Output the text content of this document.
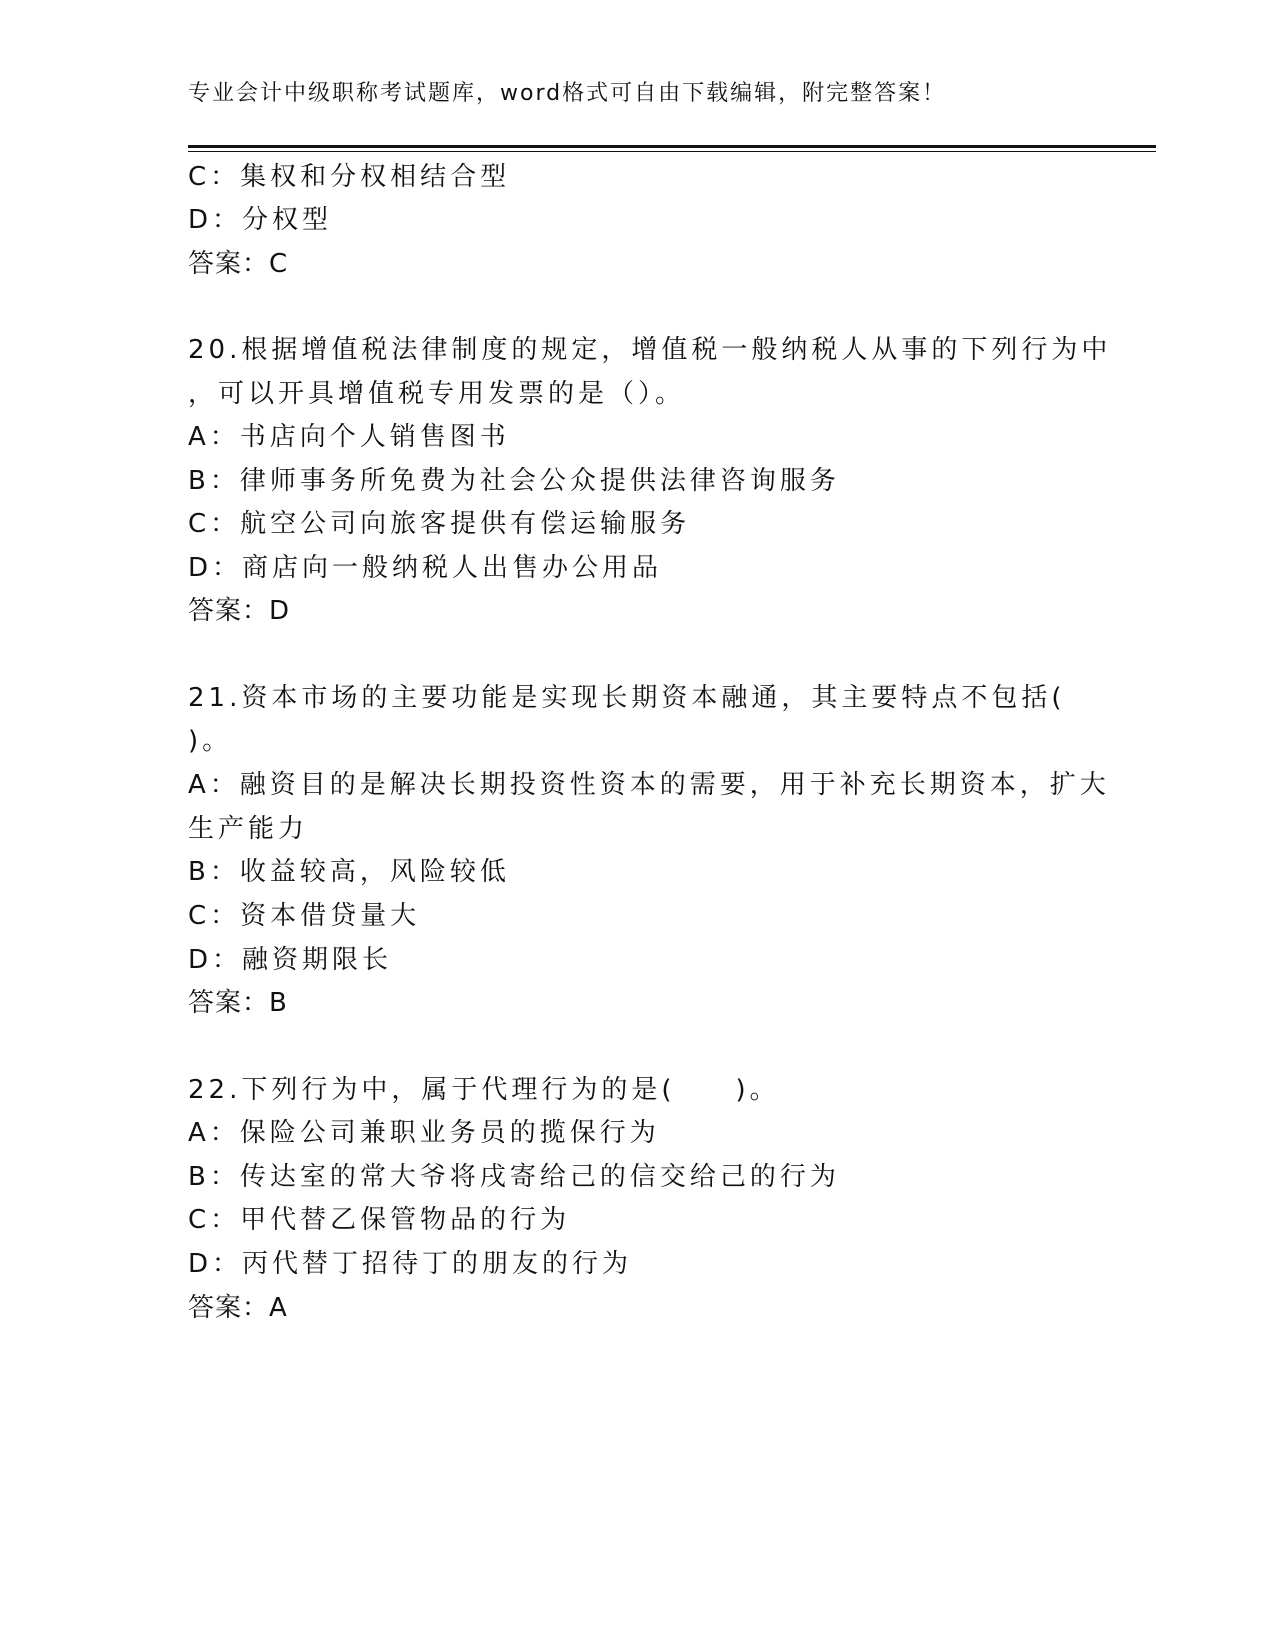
专业会计中级职称考试题库，word格式可自由下载编辑，附完整答案！
C：集权和分权相结合型
D：分权型
答案：C
20.根据增值税法律制度的规定，增值税一般纳税人从事的下列行为中
，可以开具增值税专用发票的是（）。
A：书店向个人销售图书
B：律师事务所免费为社会公众提供法律咨询服务
C：航空公司向旅客提供有偿运输服务
D：商店向一般纳税人出售办公用品
答案：D
21.资本市场的主要功能是实现长期资本融通，其主要特点不包括(
)。
A：融资目的是解决长期投资性资本的需要，用于补充长期资本，扩大
生产能力
B：收益较高，风险较低
C：资本借贷量大
D：融资期限长
答案：B
22.下列行为中，属于代理行为的是(　　)。
A：保险公司兼职业务员的揽保行为
B：传达室的常大爷将戌寄给己的信交给己的行为
C：甲代替乙保管物品的行为
D：丙代替丁招待丁的朋友的行为
答案：A
